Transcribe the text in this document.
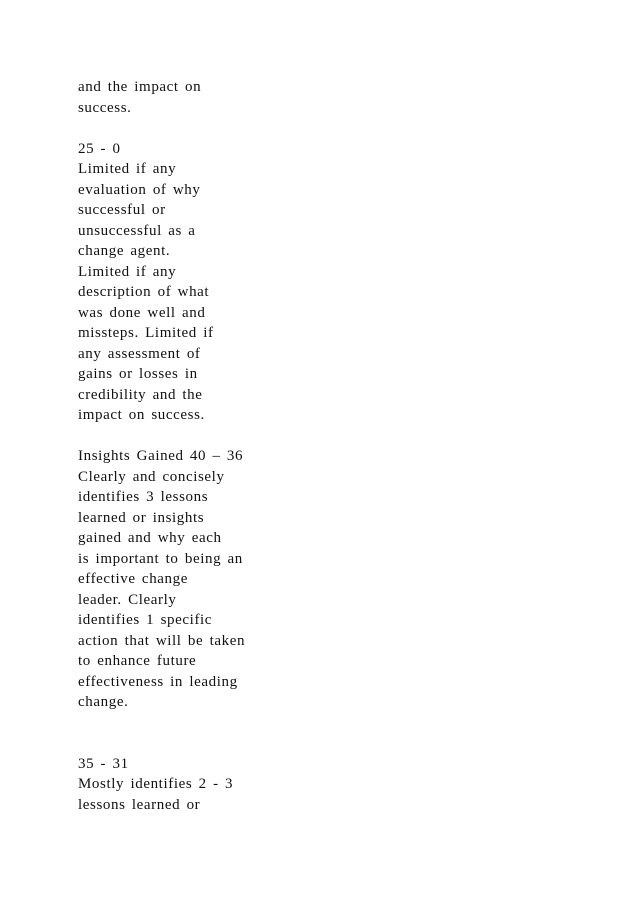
and the impact on
success.
25 - 0
Limited if any
evaluation of why
successful or
unsuccessful as a
change agent.
Limited if any
description of what
was done well and
missteps. Limited if
any assessment of
gains or losses in
credibility and the
impact on success.
Insights Gained 40 – 36
Clearly and concisely
identifies 3 lessons
learned or insights
gained and why each
is important to being an
effective change
leader. Clearly
identifies 1 specific
action that will be taken
to enhance future
effectiveness in leading
change.
35 - 31
Mostly identifies 2 - 3
lessons learned or
